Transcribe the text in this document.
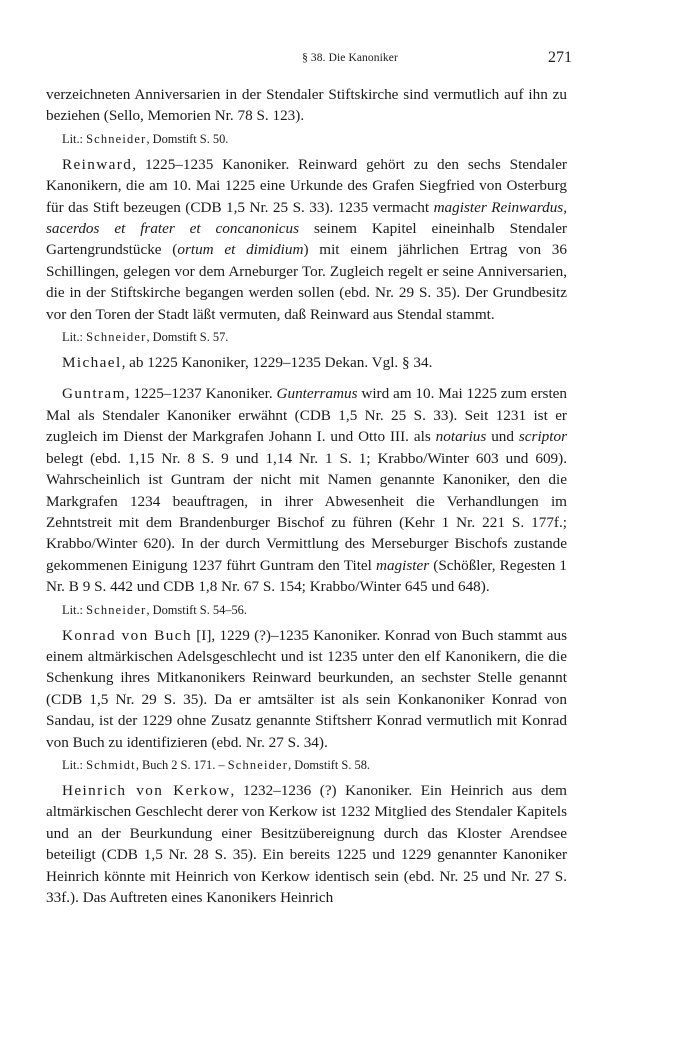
§ 38. Die Kanoniker	271

verzeichneten Anniversarien in der Stendaler Stiftskirche sind vermutlich auf ihn zu beziehen (Sello, Memorien Nr. 78 S. 123).

Lit.: Schneider, Domstift S. 50.

Reinward, 1225–1235 Kanoniker. Reinward gehört zu den sechs Stendaler Kanonikern, die am 10. Mai 1225 eine Urkunde des Grafen Siegfried von Osterburg für das Stift bezeugen (CDB 1,5 Nr. 25 S. 33). 1235 vermacht magister Reinwardus, sacerdos et frater et concanonicus seinem Kapitel eineinhalb Stendaler Gartengrundstücke (ortum et dimidium) mit einem jährlichen Ertrag von 36 Schillingen, gelegen vor dem Arneburger Tor. Zugleich regelt er seine Anniversarien, die in der Stiftskirche begangen werden sollen (ebd. Nr. 29 S. 35). Der Grundbesitz vor den Toren der Stadt läßt vermuten, daß Reinward aus Stendal stammt.

Lit.: Schneider, Domstift S. 57.

Michael, ab 1225 Kanoniker, 1229–1235 Dekan. Vgl. § 34.

Guntram, 1225–1237 Kanoniker. Gunterramus wird am 10. Mai 1225 zum ersten Mal als Stendaler Kanoniker erwähnt (CDB 1,5 Nr. 25 S. 33). Seit 1231 ist er zugleich im Dienst der Markgrafen Johann I. und Otto III. als notarius und scriptor belegt (ebd. 1,15 Nr. 8 S. 9 und 1,14 Nr. 1 S. 1; Krabbo/Winter 603 und 609). Wahrscheinlich ist Guntram der nicht mit Namen genannte Kanoniker, den die Markgrafen 1234 beauftragen, in ihrer Abwesenheit die Verhandlungen im Zehntstreit mit dem Brandenburger Bischof zu führen (Kehr 1 Nr. 221 S. 177f.; Krabbo/Winter 620). In der durch Vermittlung des Merseburger Bischofs zustande gekommenen Einigung 1237 führt Guntram den Titel magister (Schößler, Regesten 1 Nr. B 9 S. 442 und CDB 1,8 Nr. 67 S. 154; Krabbo/Winter 645 und 648).

Lit.: Schneider, Domstift S. 54–56.

Konrad von Buch [I], 1229 (?)–1235 Kanoniker. Konrad von Buch stammt aus einem altmärkischen Adelsgeschlecht und ist 1235 unter den elf Kanonikern, die die Schenkung ihres Mitkanonikers Reinward beurkunden, an sechster Stelle genannt (CDB 1,5 Nr. 29 S. 35). Da er amtsälter ist als sein Konkanoniker Konrad von Sandau, ist der 1229 ohne Zusatz genannte Stiftsherr Konrad vermutlich mit Konrad von Buch zu identifizieren (ebd. Nr. 27 S. 34).

Lit.: Schmidt, Buch 2 S. 171. – Schneider, Domstift S. 58.

Heinrich von Kerkow, 1232–1236 (?) Kanoniker. Ein Heinrich aus dem altmärkischen Geschlecht derer von Kerkow ist 1232 Mitglied des Stendaler Kapitels und an der Beurkundung einer Besitzübereignung durch das Kloster Arendsee beteiligt (CDB 1,5 Nr. 28 S. 35). Ein bereits 1225 und 1229 genannter Kanoniker Heinrich könnte mit Heinrich von Kerkow identisch sein (ebd. Nr. 25 und Nr. 27 S. 33f.). Das Auftreten eines Kanonikers Heinrich
